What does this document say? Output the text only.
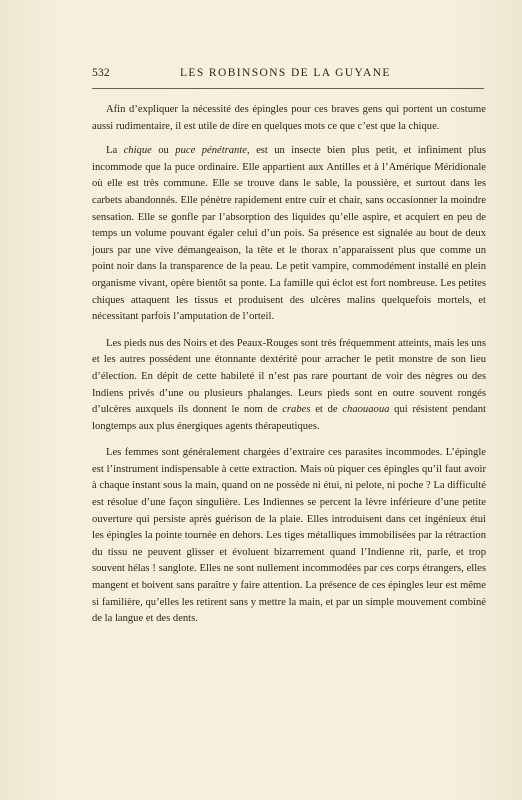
532	LES ROBINSONS DE LA GUYANE

Afin d’expliquer la nécessité des épingles pour ces braves gens qui portent un costume aussi rudimentaire, il est utile de dire en quelques mots ce que c’est que la chique.

La chique ou puce pénétrante, est un insecte bien plus petit, et infiniment plus incommode que la puce ordinaire. Elle appartient aux Antilles et à l’Amérique Méridionale où elle est très commune. Elle se trouve dans le sable, la poussière, et surtout dans les carbets abandonnés. Elle pénètre rapidement entre cuir et chair, sans occasionner la moindre sensation. Elle se gonfle par l’absorption des liquides qu’elle aspire, et acquiert en peu de temps un volume pouvant égaler celui d’un pois. Sa présence est signalée au bout de deux jours par une vive démangeaison, la tête et le thorax n’apparaissent plus que comme un point noir dans la transparence de la peau. Le petit vampire, commodément installé en plein organisme vivant, opère bientôt sa ponte. La famille qui éclot est fort nombreuse. Les petites chiques attaquent les tissus et produisent des ulcères malins quelquefois mortels, et nécessitant parfois l’amputation de l’orteil.

Les pieds nus des Noirs et des Peaux-Rouges sont très fréquemment atteints, mais les uns et les autres possèdent une étonnante dextérité pour arracher le petit monstre de son lieu d’élection. En dépit de cette habileté il n’est pas rare pourtant de voir des nègres ou des Indiens privés d’une ou plusieurs phalanges. Leurs pieds sont en outre souvent rongés d’ulcères auxquels ils donnent le nom de crabes et de chaouaoua qui résistent pendant longtemps aux plus énergiques agents thérapeutiques.

Les femmes sont généralement chargées d’extraire ces parasites incommodes. L’épingle est l’instrument indispensable à cette extraction. Mais où piquer ces épingles qu’il faut avoir à chaque instant sous la main, quand on ne possède ni étui, ni pelote, ni poche ? La difficulté est résolue d’une façon singulière. Les Indiennes se percent la lèvre inférieure d’une petite ouverture qui persiste après guérison de la plaie. Elles introduisent dans cet ingénieux étui les épingles la pointe tournée en dehors. Les tiges métalliques immobilisées par la rétraction du tissu ne peuvent glisser et évoluent bizarrement quand l’Indienne rit, parle, et trop souvent hélas ! sanglote. Elles ne sont nullement incommodées par ces corps étrangers, elles mangent et boivent sans paraître y faire attention. La présence de ces épingles leur est même si familière, qu’elles les retirent sans y mettre la main, et par un simple mouvement combiné de la langue et des dents.
